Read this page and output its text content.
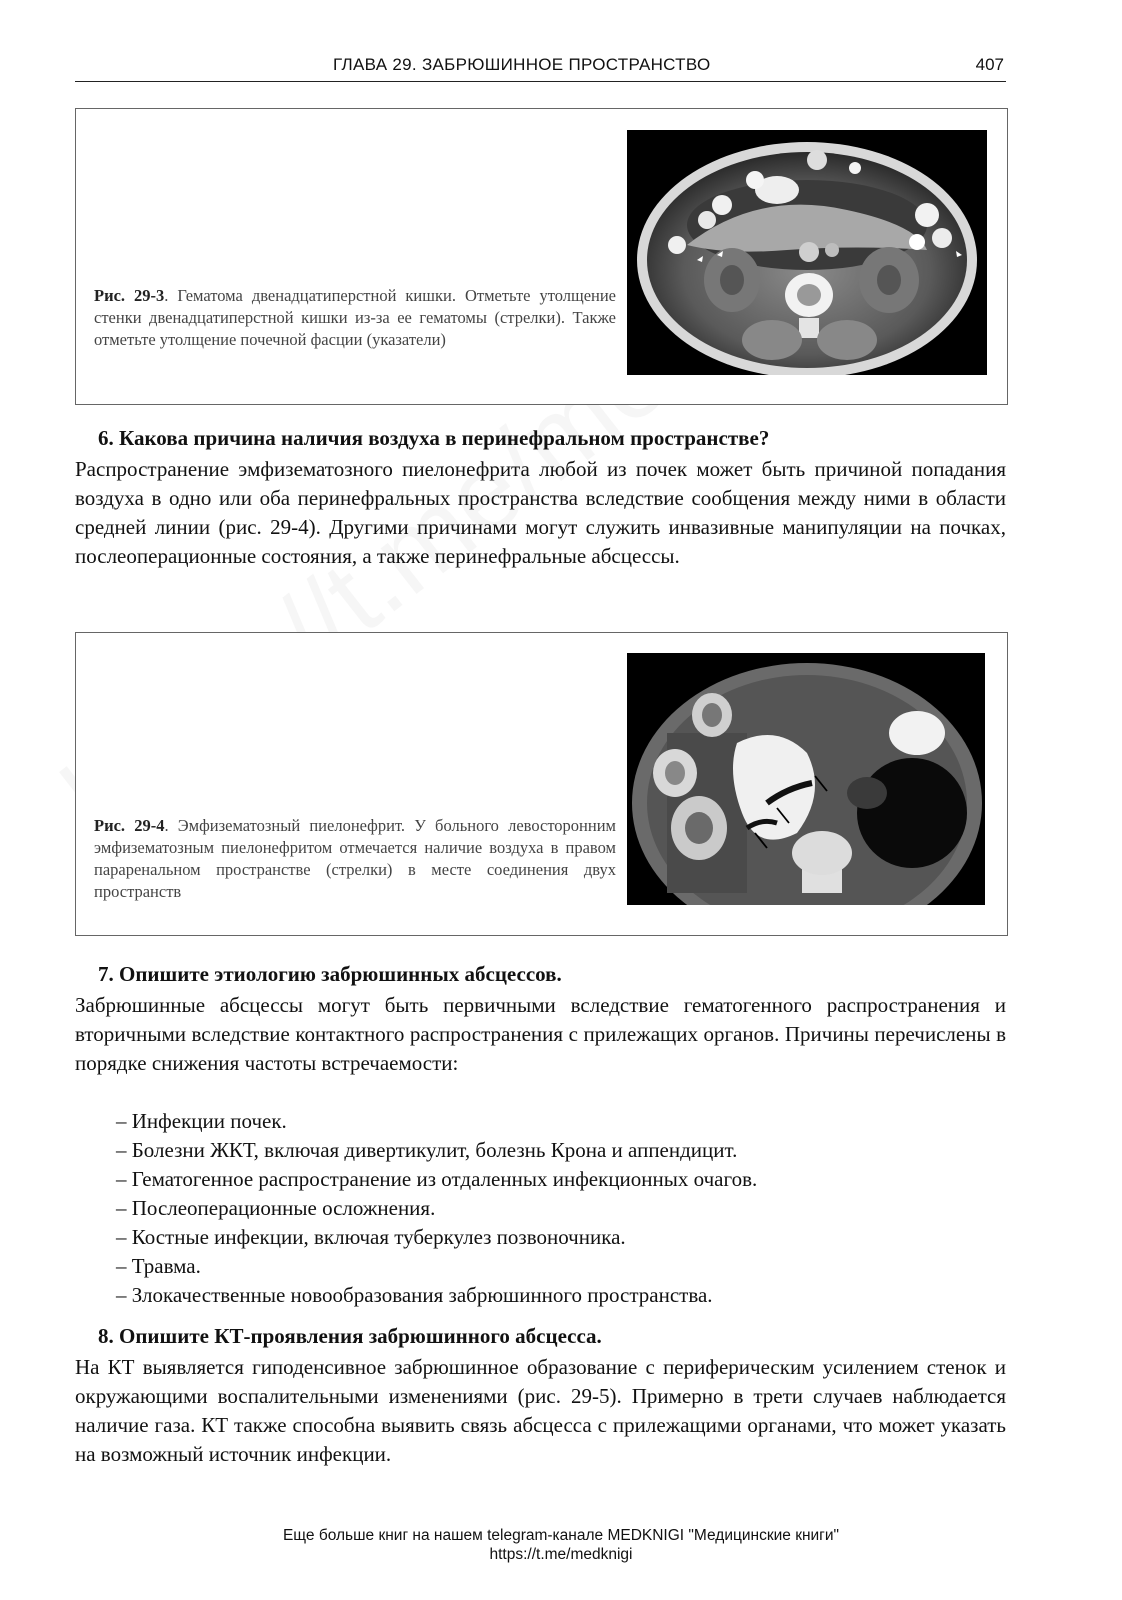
ГЛАВА 29. ЗАБРЮШИННОЕ ПРОСТРАНСТВО	407
Рис. 29-3. Гематома двенадцатиперстной кишки. Отметьте утолщение стенки двенадцатиперстной кишки из-за ее гематомы (стрелки). Также отметьте утолщение почечной фасции (указатели)
6. Какова причина наличия воздуха в перинефральном пространстве?
Распространение эмфизематозного пиелонефрита любой из почек может быть причиной попадания воздуха в одно или оба перинефральных пространства вследствие сообщения между ними в области средней линии (рис. 29-4). Другими причинами могут служить инвазивные манипуляции на почках, послеоперационные состояния, а также перинефральные абсцессы.
Рис. 29-4. Эмфизематозный пиелонефрит. У больного левосторонним эмфизематозным пиелонефритом отмечается наличие воздуха в правом параренальном пространстве (стрелки) в месте соединения двух пространств
7. Опишите этиологию забрюшинных абсцессов.
Забрюшинные абсцессы могут быть первичными вследствие гематогенного распространения и вторичными вследствие контактного распространения с прилежащих органов. Причины перечислены в порядке снижения частоты встречаемости:
– Инфекции почек.
– Болезни ЖКТ, включая дивертикулит, болезнь Крона и аппендицит.
– Гематогенное распространение из отдаленных инфекционных очагов.
– Послеоперационные осложнения.
– Костные инфекции, включая туберкулез позвоночника.
– Травма.
– Злокачественные новообразования забрюшинного пространства.
8. Опишите КТ-проявления забрюшинного абсцесса.
На КТ выявляется гиподенсивное забрюшинное образование с периферическим усилением стенок и окружающими воспалительными изменениями (рис. 29-5). Примерно в трети случаев наблюдается наличие газа. КТ также способна выявить связь абсцесса с прилежащими органами, что может указать на возможный источник инфекции.
Еще больше книг на нашем telegram-канале MEDKNIGI "Медицинские книги"
https://t.me/medknigi
